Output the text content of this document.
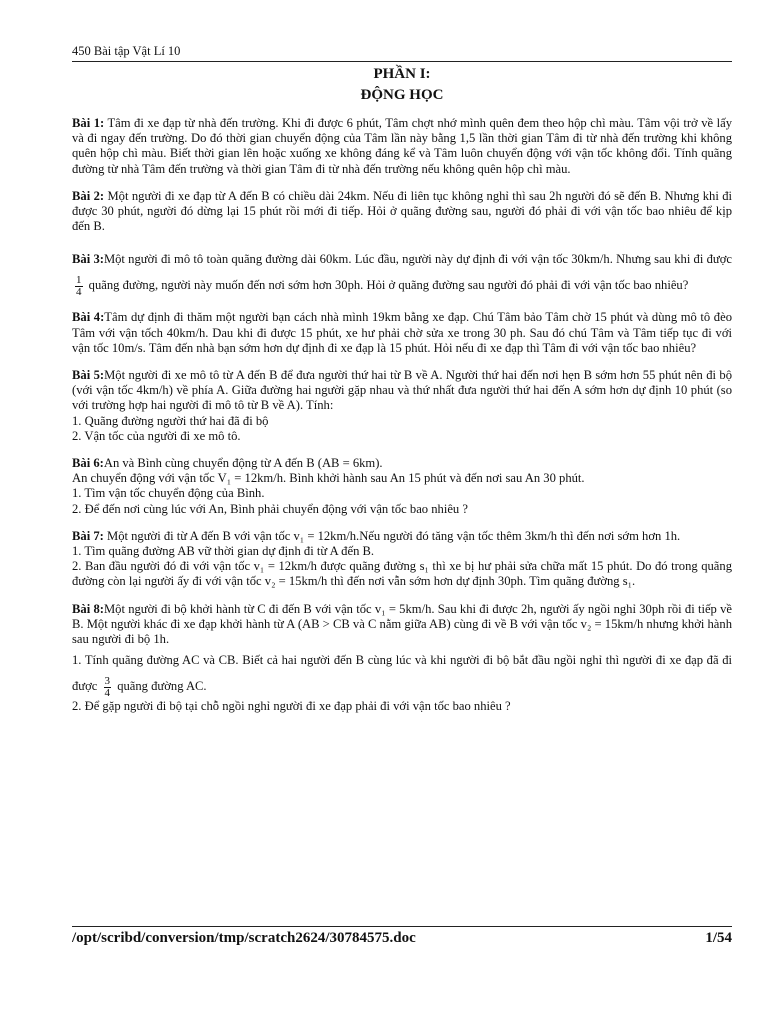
450 Bài tập Vật Lí 10
PHẦN I:
ĐỘNG HỌC
Bài 1: Tâm đi xe đạp từ nhà đến trường. Khi đi được 6 phút, Tâm chợt nhớ mình quên đem theo hộp chì màu. Tâm vội trở về lấy và đi ngay đến trường. Do đó thời gian chuyển động của Tâm lần này bằng 1,5 lần thời gian Tâm đi từ nhà đến trường khi không quên hộp chì màu. Biết thời gian lên hoặc xuống xe không đáng kể và Tâm luôn chuyển động với vận tốc không đổi. Tính quãng đường từ nhà Tâm đến trường và thời gian Tâm đi từ nhà đến trường nếu không quên hộp chì màu.
Bài 2: Một người đi xe đạp từ A đến B có chiều dài 24km. Nếu đi liên tục không nghỉ thì sau 2h người đó sẽ đến B. Nhưng khi đi được 30 phút, người đó dừng lại 15 phút rồi mới đi tiếp. Hỏi ở quãng đường sau, người đó phải đi với vận tốc bao nhiêu để kịp đến B.
Bài 3:Một người đi mô tô toàn quãng đường dài 60km. Lúc đầu, người này dự định đi với vận tốc 30km/h. Nhưng sau khi đi được
$\frac{1}{4}$ quãng đường, người này muốn đến nơi sớm hơn 30ph. Hỏi ở quãng đường sau người đó phải đi với vận tốc bao nhiêu?
Bài 4:Tâm dự định đi thăm một người bạn cách nhà mình 19km bằng xe đạp. Chú Tâm bảo Tâm chờ 15 phút và dùng mô tô đèo Tâm với vận tốch 40km/h. Dau khi đi được 15 phút, xe hư phải chờ sửa xe trong 30 ph. Sau đó chú Tâm và Tâm tiếp tục đi với vận tốc 10m/s. Tâm đến nhà bạn sớm hơn dự định đi xe đạp là 15 phút. Hỏi nếu đi xe đạp thì Tâm đi với vận tốc bao nhiêu?

Bài 5:Một người đi xe mô tô từ A đến B để đưa người thứ hai từ B về A. Người thứ hai đến nơi hẹn B sớm hơn 55 phút nên đi bộ (với vận tốc 4km/h) về phía A. Giữa đường hai người gặp nhau và thứ nhất đưa người thứ hai đến A sớm hơn dự định 10 phút (so với trường hợp hai người đi mô tô từ B về A). Tính:

1. Quãng đường người thứ hai đã đi bộ

2. Vận tốc của người đi xe mô tô.

Bài 6:An và Bình cùng chuyển động từ A đến B (AB = 6km).

An chuyển động với vận tốc V₁ = 12km/h. Bình khởi hành sau An 15 phút và đến nơi sau An 30 phút.

1. Tìm vận tốc chuyển động của Bình.

2. Để đến nơi cùng lúc với An, Bình phải chuyển động với vận tốc bao nhiêu ?

Bài 7: Một người đi từ A đến B với vận tốc v₁ = 12km/h.Nếu người đó tăng vận tốc thêm 3km/h thì đến nơi sớm hơn 1h.

1. Tìm quãng đường AB vữ thời gian dự định đi từ A đến B.

2. Ban đầu người đó đi với vận tốc v₁ = 12km/h được quãng đường s₁ thì xe bị hư phải sửa chữa mất 15 phút. Do đó trong quãng đường còn lại người ấy đi với vận tốc v₂ = 15km/h thì đến nơi vẫn sớm hơn dự định 30ph. Tìm quãng đường s₁.

Bài 8:Một người đi bộ khởi hành từ C đi đến B với vận tốc v₁ = 5km/h. Sau khi đi được 2h, người ấy ngồi nghỉ 30ph rồi đi tiếp về B. Một người khác đi xe đạp khởi hành từ A (AB > CB và C nằm giữa AB) cùng đi về B với vận tốc v₂ = 15km/h nhưng khởi hành sau người đi bộ 1h.

1. Tính quãng đường AC và CB. Biết cả hai người đến B cùng lúc và khi người đi bộ bắt đầu ngồi nghỉ thì người đi xe đạp đã đi được $\frac{3}{4}$ quãng đường AC.

2. Để gặp người đi bộ tại chỗ ngồi nghỉ người đi xe đạp phải đi với vận tốc bao nhiêu ?

/opt/scribd/conversion/tmp/scratch2624/30784575.doc	1/54
